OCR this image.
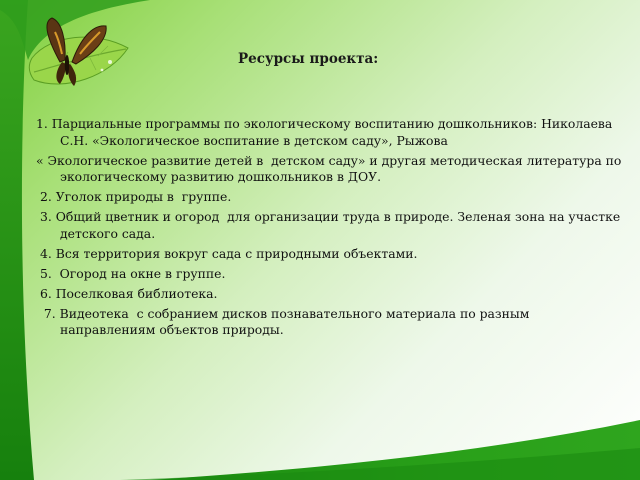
Ресурсы проекта:

1. Парциальные программы по экологическому воспитанию дошкольников: Николаева С.Н. «Экологическое воспитание в детском саду», Рыжова

« Экологическое развитие детей в  детском саду» и другая методическая литература по экологическому развитию дошкольников в ДОУ.

2. Уголок природы в  группе.

3. Общий цветник и огород  для организации труда в природе. Зеленая зона на участке детского сада.

4. Вся территория вокруг сада с природными объектами.

5.  Огород на окне в группе.

6. Поселковая библиотека.

7. Видеотека  с собранием дисков познавательного материала по разным направлениям объектов природы.
